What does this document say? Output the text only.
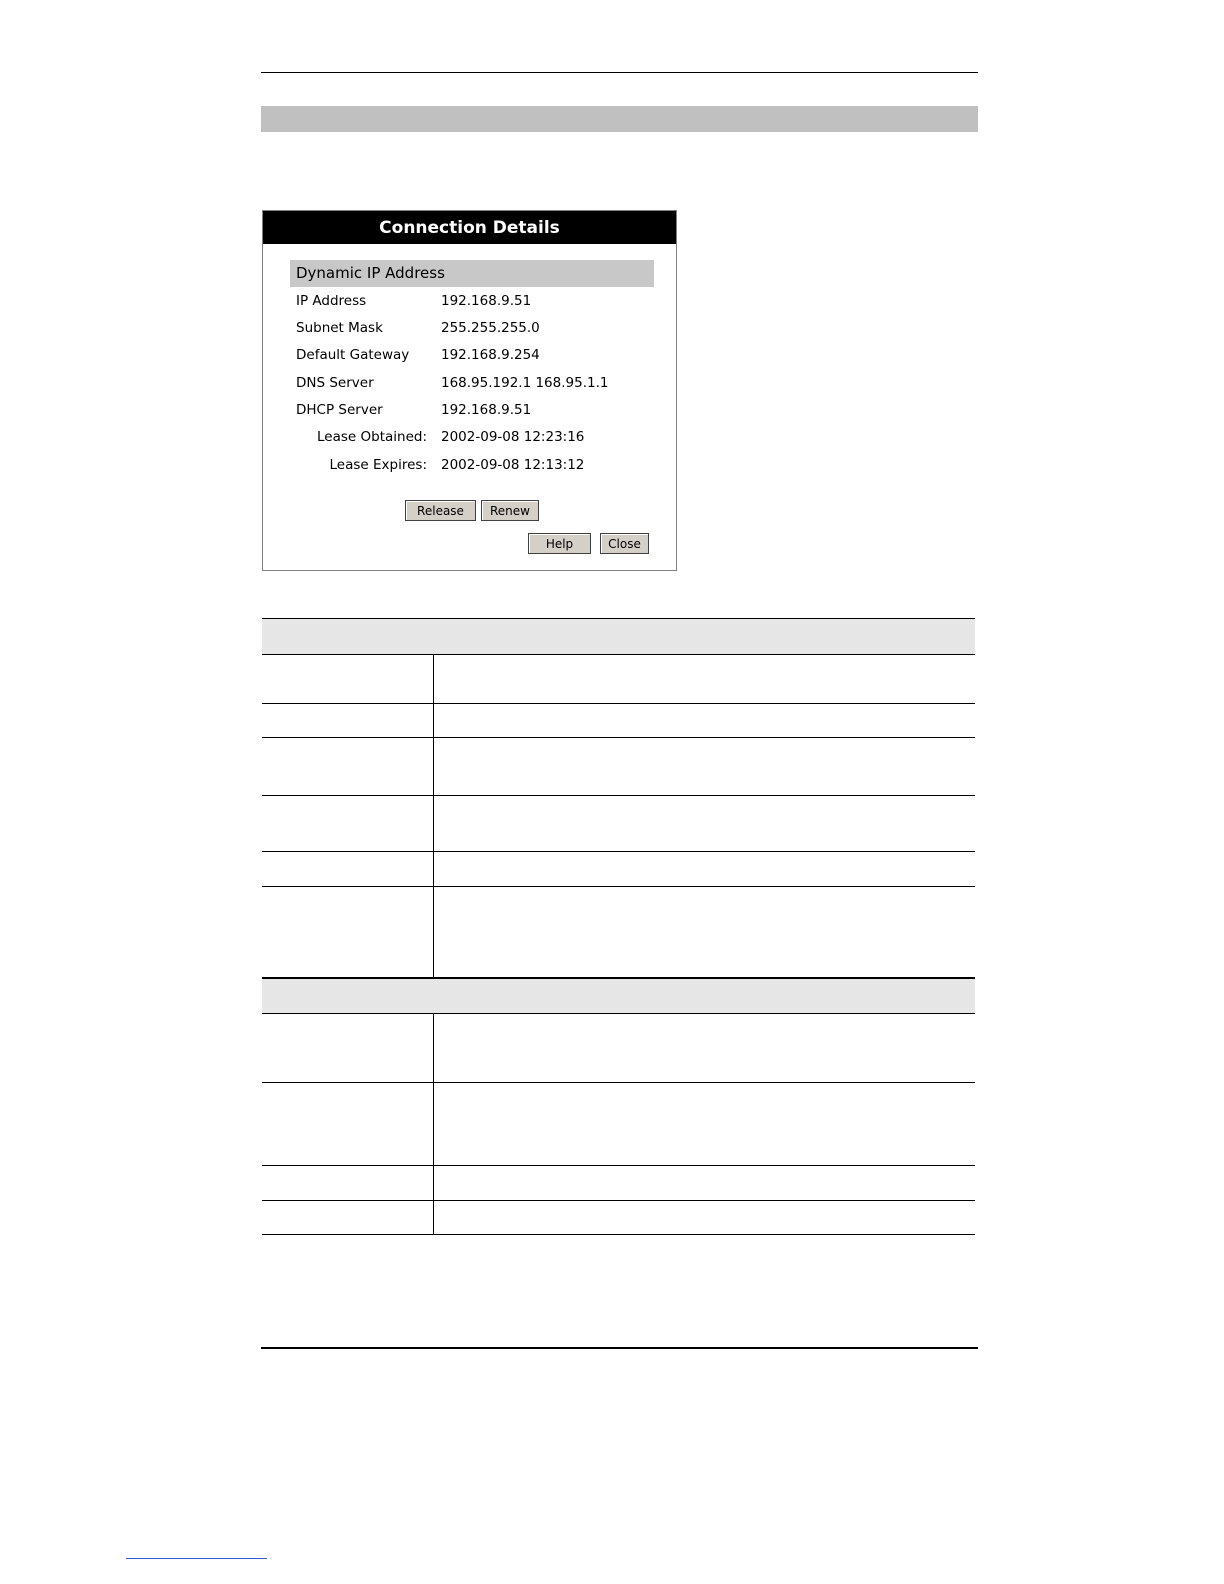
Connection Details
Dynamic IP Address
IP Address	192.168.9.51
Subnet Mask	255.255.255.0
Default Gateway 192.168.9.254
DNS Server	168.95.192.1 168.95.1.1
DHCP Server	192.168.9.51
Lease Obtained: 2002-09-08 12:23:16
Lease Expires: 2002-09-08 12:13:12
Release	Renew
Help	Close
